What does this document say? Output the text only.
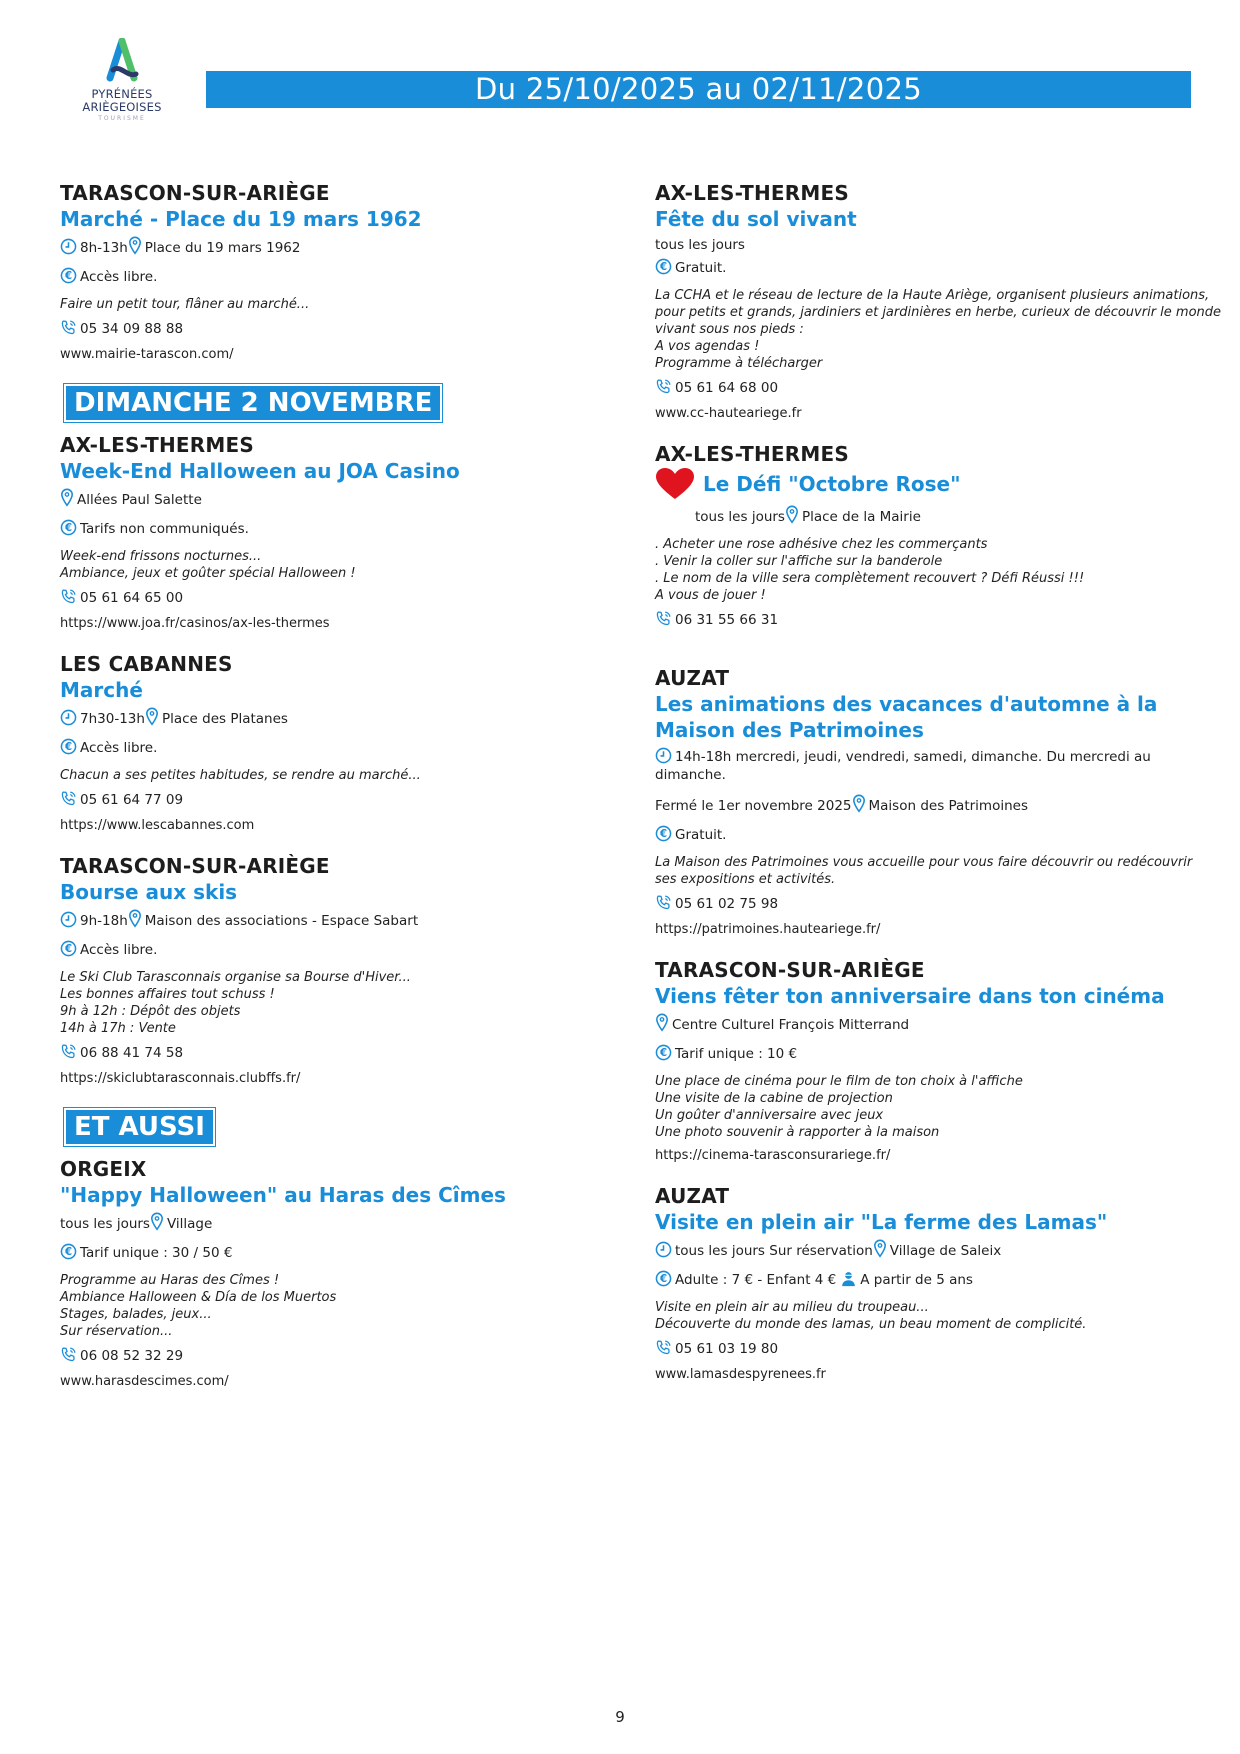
PYRÉNÉES
ARIÈGEOISES
TOURISME
Du 25/10/2025 au 02/11/2025
TARASCON-SUR-ARIÈGE
Marché - Place du 19 mars 1962
8h-13h Place du 19 mars 1962
Accès libre.
Faire un petit tour, flâner au marché...
05 34 09 88 88
www.mairie-tarascon.com/
DIMANCHE 2 NOVEMBRE
AX-LES-THERMES
Week-End Halloween au JOA Casino
Allées Paul Salette
Tarifs non communiqués.
Week-end frissons nocturnes...
Ambiance, jeux et goûter spécial Halloween !
05 61 64 65 00
https://www.joa.fr/casinos/ax-les-thermes
LES CABANNES
Marché
7h30-13h Place des Platanes
Accès libre.
Chacun a ses petites habitudes, se rendre au marché...
05 61 64 77 09
https://www.lescabannes.com
TARASCON-SUR-ARIÈGE
Bourse aux skis
9h-18h Maison des associations - Espace Sabart
Accès libre.
Le Ski Club Tarasconnais organise sa Bourse d'Hiver...
Les bonnes affaires tout schuss !
9h à 12h : Dépôt des objets
14h à 17h : Vente
06 88 41 74 58
https://skiclubtarasconnais.clubffs.fr/
ET AUSSI
ORGEIX
"Happy Halloween" au Haras des Cîmes
tous les jours Village
Tarif unique : 30 / 50 €
Programme au Haras des Cîmes !
Ambiance Halloween & Día de los Muertos
Stages, balades, jeux...
Sur réservation...
06 08 52 32 29
www.harasdescimes.com/
AX-LES-THERMES
Fête du sol vivant
tous les jours
Gratuit.
La CCHA et le réseau de lecture de la Haute Ariège, organisent plusieurs animations,
pour petits et grands, jardiniers et jardinières en herbe, curieux de découvrir le monde
vivant sous nos pieds :
A vos agendas !
Programme à télécharger
05 61 64 68 00
www.cc-hauteariege.fr
AX-LES-THERMES
Le Défi "Octobre Rose"
tous les jours Place de la Mairie
. Acheter une rose adhésive chez les commerçants
. Venir la coller sur l'affiche sur la banderole
. Le nom de la ville sera complètement recouvert ? Défi Réussi !!!
A vous de jouer !
06 31 55 66 31
AUZAT
Les animations des vacances d'automne à la Maison des Patrimoines
14h-18h mercredi, jeudi, vendredi, samedi, dimanche. Du mercredi au dimanche.
Fermé le 1er novembre 2025 Maison des Patrimoines
Gratuit.
La Maison des Patrimoines vous accueille pour vous faire découvrir ou redécouvrir
ses expositions et activités.
05 61 02 75 98
https://patrimoines.hauteariege.fr/
TARASCON-SUR-ARIÈGE
Viens fêter ton anniversaire dans ton cinéma
Centre Culturel François Mitterrand
Tarif unique : 10 €
Une place de cinéma pour le film de ton choix à l'affiche
Une visite de la cabine de projection
Un goûter d'anniversaire avec jeux
Une photo souvenir à rapporter à la maison
https://cinema-tarasconsurariege.fr/
AUZAT
Visite en plein air "La ferme des Lamas"
tous les jours Sur réservation Village de Saleix
Adulte : 7 € - Enfant 4 € A partir de 5 ans
Visite en plein air au milieu du troupeau...
Découverte du monde des lamas, un beau moment de complicité.
05 61 03 19 80
www.lamasdespyrenees.fr
9
